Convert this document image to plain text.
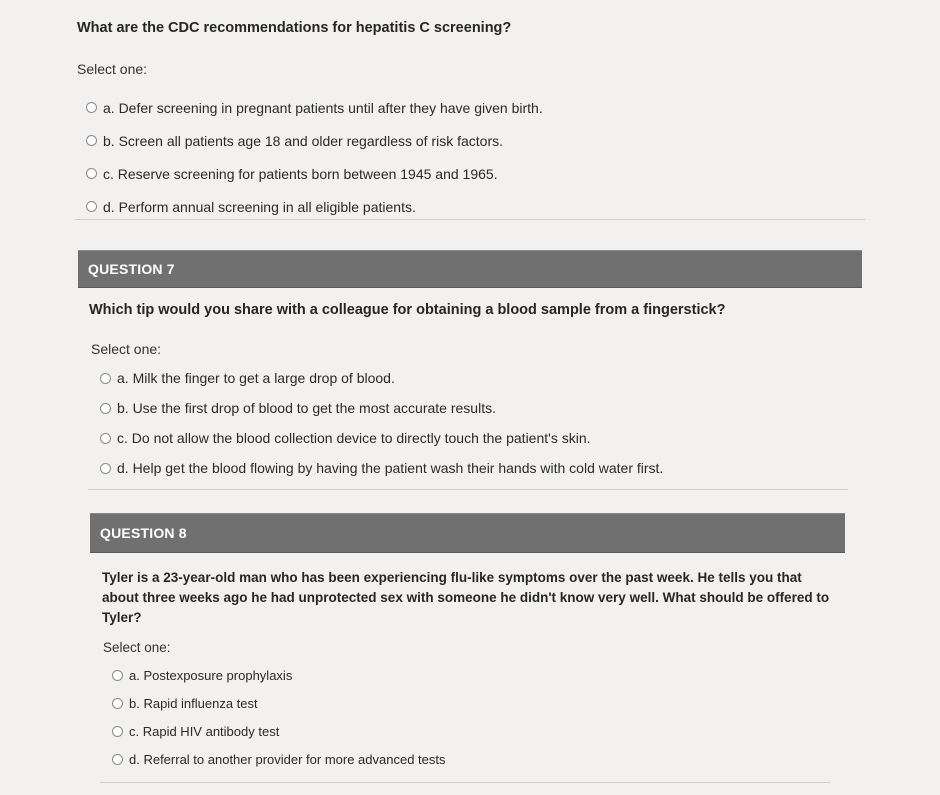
What are the CDC recommendations for hepatitis C screening?

Select one:

a. Defer screening in pregnant patients until after they have given birth.
b. Screen all patients age 18 and older regardless of risk factors.
c. Reserve screening for patients born between 1945 and 1965.
d. Perform annual screening in all eligible patients.
QUESTION 7

Which tip would you share with a colleague for obtaining a blood sample from a fingerstick?

Select one:

a. Milk the finger to get a large drop of blood.
b. Use the first drop of blood to get the most accurate results.
c. Do not allow the blood collection device to directly touch the patient's skin.
d. Help get the blood flowing by having the patient wash their hands with cold water first.
QUESTION 8

Tyler is a 23-year-old man who has been experiencing flu-like symptoms over the past week. He tells you that about three weeks ago he had unprotected sex with someone he didn't know very well. What should be offered to Tyler?

Select one:

a. Postexposure prophylaxis
b. Rapid influenza test
c. Rapid HIV antibody test
d. Referral to another provider for more advanced tests
